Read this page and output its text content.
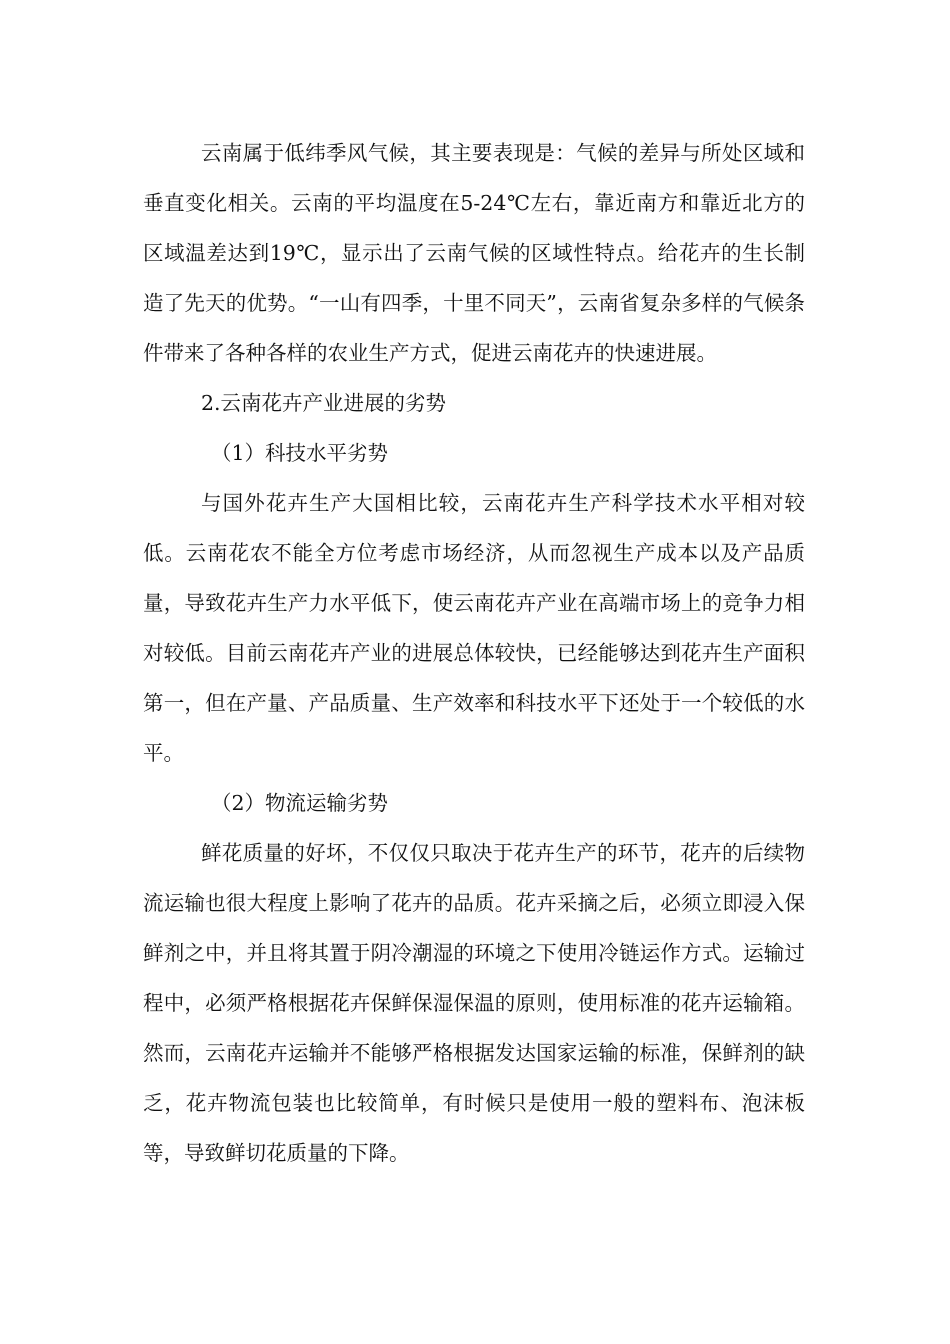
云南属于低纬季风气候，其主要表现是：气候的差异与所处区域和垂直变化相关。云南的平均温度在5-24℃左右，靠近南方和靠近北方的区域温差达到19℃，显示出了云南气候的区域性特点。给花卉的生长制造了先天的优势。“一山有四季，十里不同天”，云南省复杂多样的气候条件带来了各种各样的农业生产方式，促进云南花卉的快速进展。

2.云南花卉产业进展的劣势

（1）科技水平劣势

与国外花卉生产大国相比较，云南花卉生产科学技术水平相对较低。云南花农不能全方位考虑市场经济，从而忽视生产成本以及产品质量，导致花卉生产力水平低下，使云南花卉产业在高端市场上的竞争力相对较低。目前云南花卉产业的进展总体较快，已经能够达到花卉生产面积第一，但在产量、产品质量、生产效率和科技水平下还处于一个较低的水平。

（2）物流运输劣势

鲜花质量的好坏，不仅仅只取决于花卉生产的环节，花卉的后续物流运输也很大程度上影响了花卉的品质。花卉采摘之后，必须立即浸入保鲜剂之中，并且将其置于阴冷潮湿的环境之下使用冷链运作方式。运输过程中，必须严格根据花卉保鲜保湿保温的原则，使用标准的花卉运输箱。然而，云南花卉运输并不能够严格根据发达国家运输的标准，保鲜剂的缺乏，花卉物流包装也比较简单，有时候只是使用一般的塑料布、泡沫板等，导致鲜切花质量的下降。
